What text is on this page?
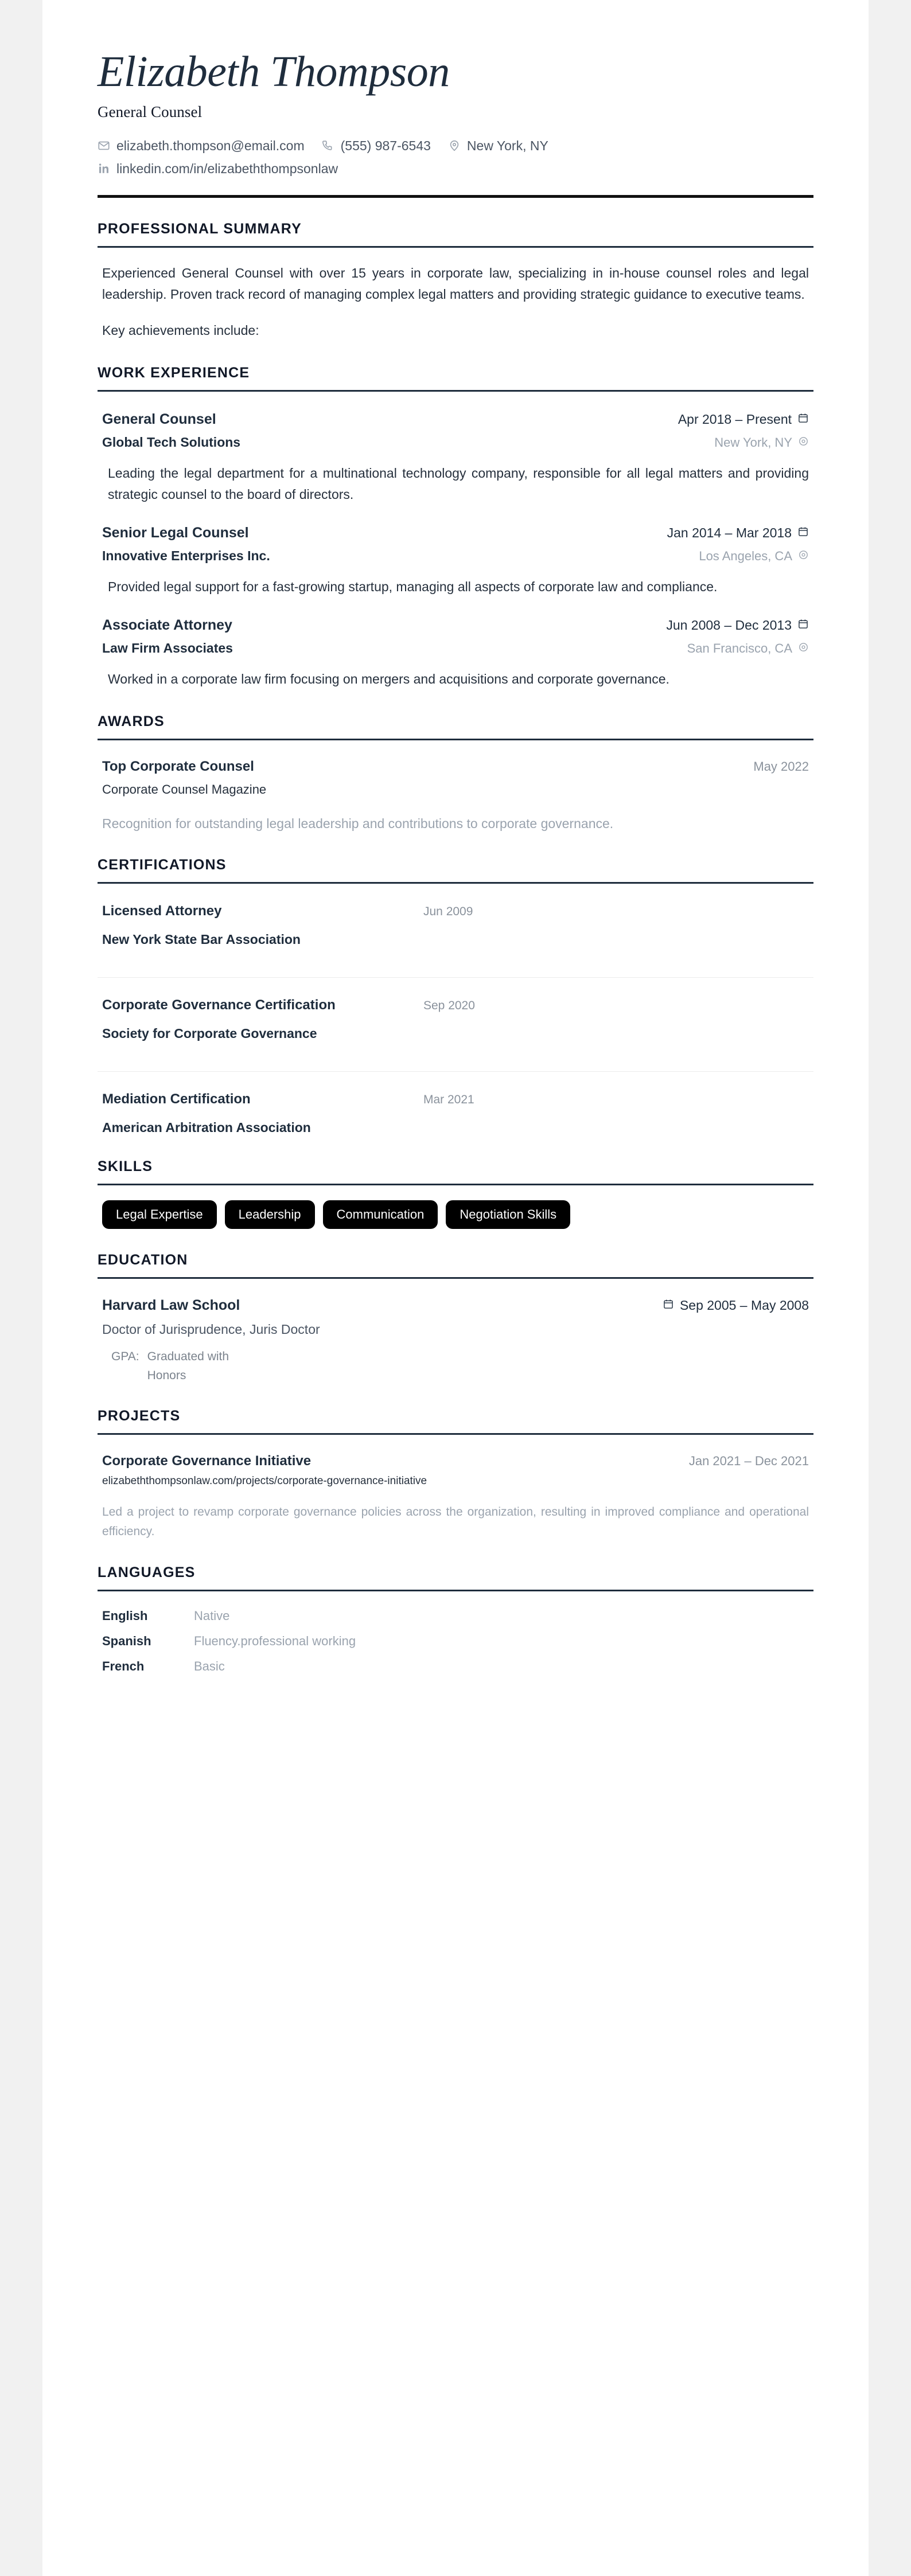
Elizabeth Thompson
General Counsel
elizabeth.thompson@email.com	(555) 987-6543	New York, NY
linkedin.com/in/elizabeththompsonlaw
PROFESSIONAL SUMMARY

Experienced General Counsel with over 15 years in corporate law, specializing in in-house counsel roles and legal leadership. Proven track record of managing complex legal matters and providing strategic guidance to executive teams.

Key achievements include:

WORK EXPERIENCE
General Counsel	Apr 2018 – Present
Global Tech Solutions	New York, NY

Leading the legal department for a multinational technology company, responsible for all legal matters and providing strategic counsel to the board of directors.

Senior Legal Counsel	Jan 2014 – Mar 2018
Innovative Enterprises Inc.	Los Angeles, CA

Provided legal support for a fast-growing startup, managing all aspects of corporate law and compliance.

Associate Attorney	Jun 2008 – Dec 2013
Law Firm Associates	San Francisco, CA

Worked in a corporate law firm focusing on mergers and acquisitions and corporate governance.

AWARDS
Top Corporate Counsel	May 2022
Corporate Counsel Magazine

Recognition for outstanding legal leadership and contributions to corporate governance.

CERTIFICATIONS
Licensed Attorney	Jun 2009
New York State Bar Association
Corporate Governance Certification	Sep 2020
Society for Corporate Governance
Mediation Certification	Mar 2021
American Arbitration Association
SKILLS
Legal Expertise	Leadership	Communication	Negotiation Skills
EDUCATION
Harvard Law School	Sep 2005 – May 2008
Doctor of Jurisprudence, Juris Doctor
GPA: Graduated with Honors
PROJECTS
Corporate Governance Initiative	Jan 2021 – Dec 2021
elizabeththompsonlaw.com/projects/corporate-governance-initiative

Led a project to revamp corporate governance policies across the organization, resulting in improved compliance and operational efficiency.

LANGUAGES
English	Native
Spanish	Fluency.professional working
French	Basic
